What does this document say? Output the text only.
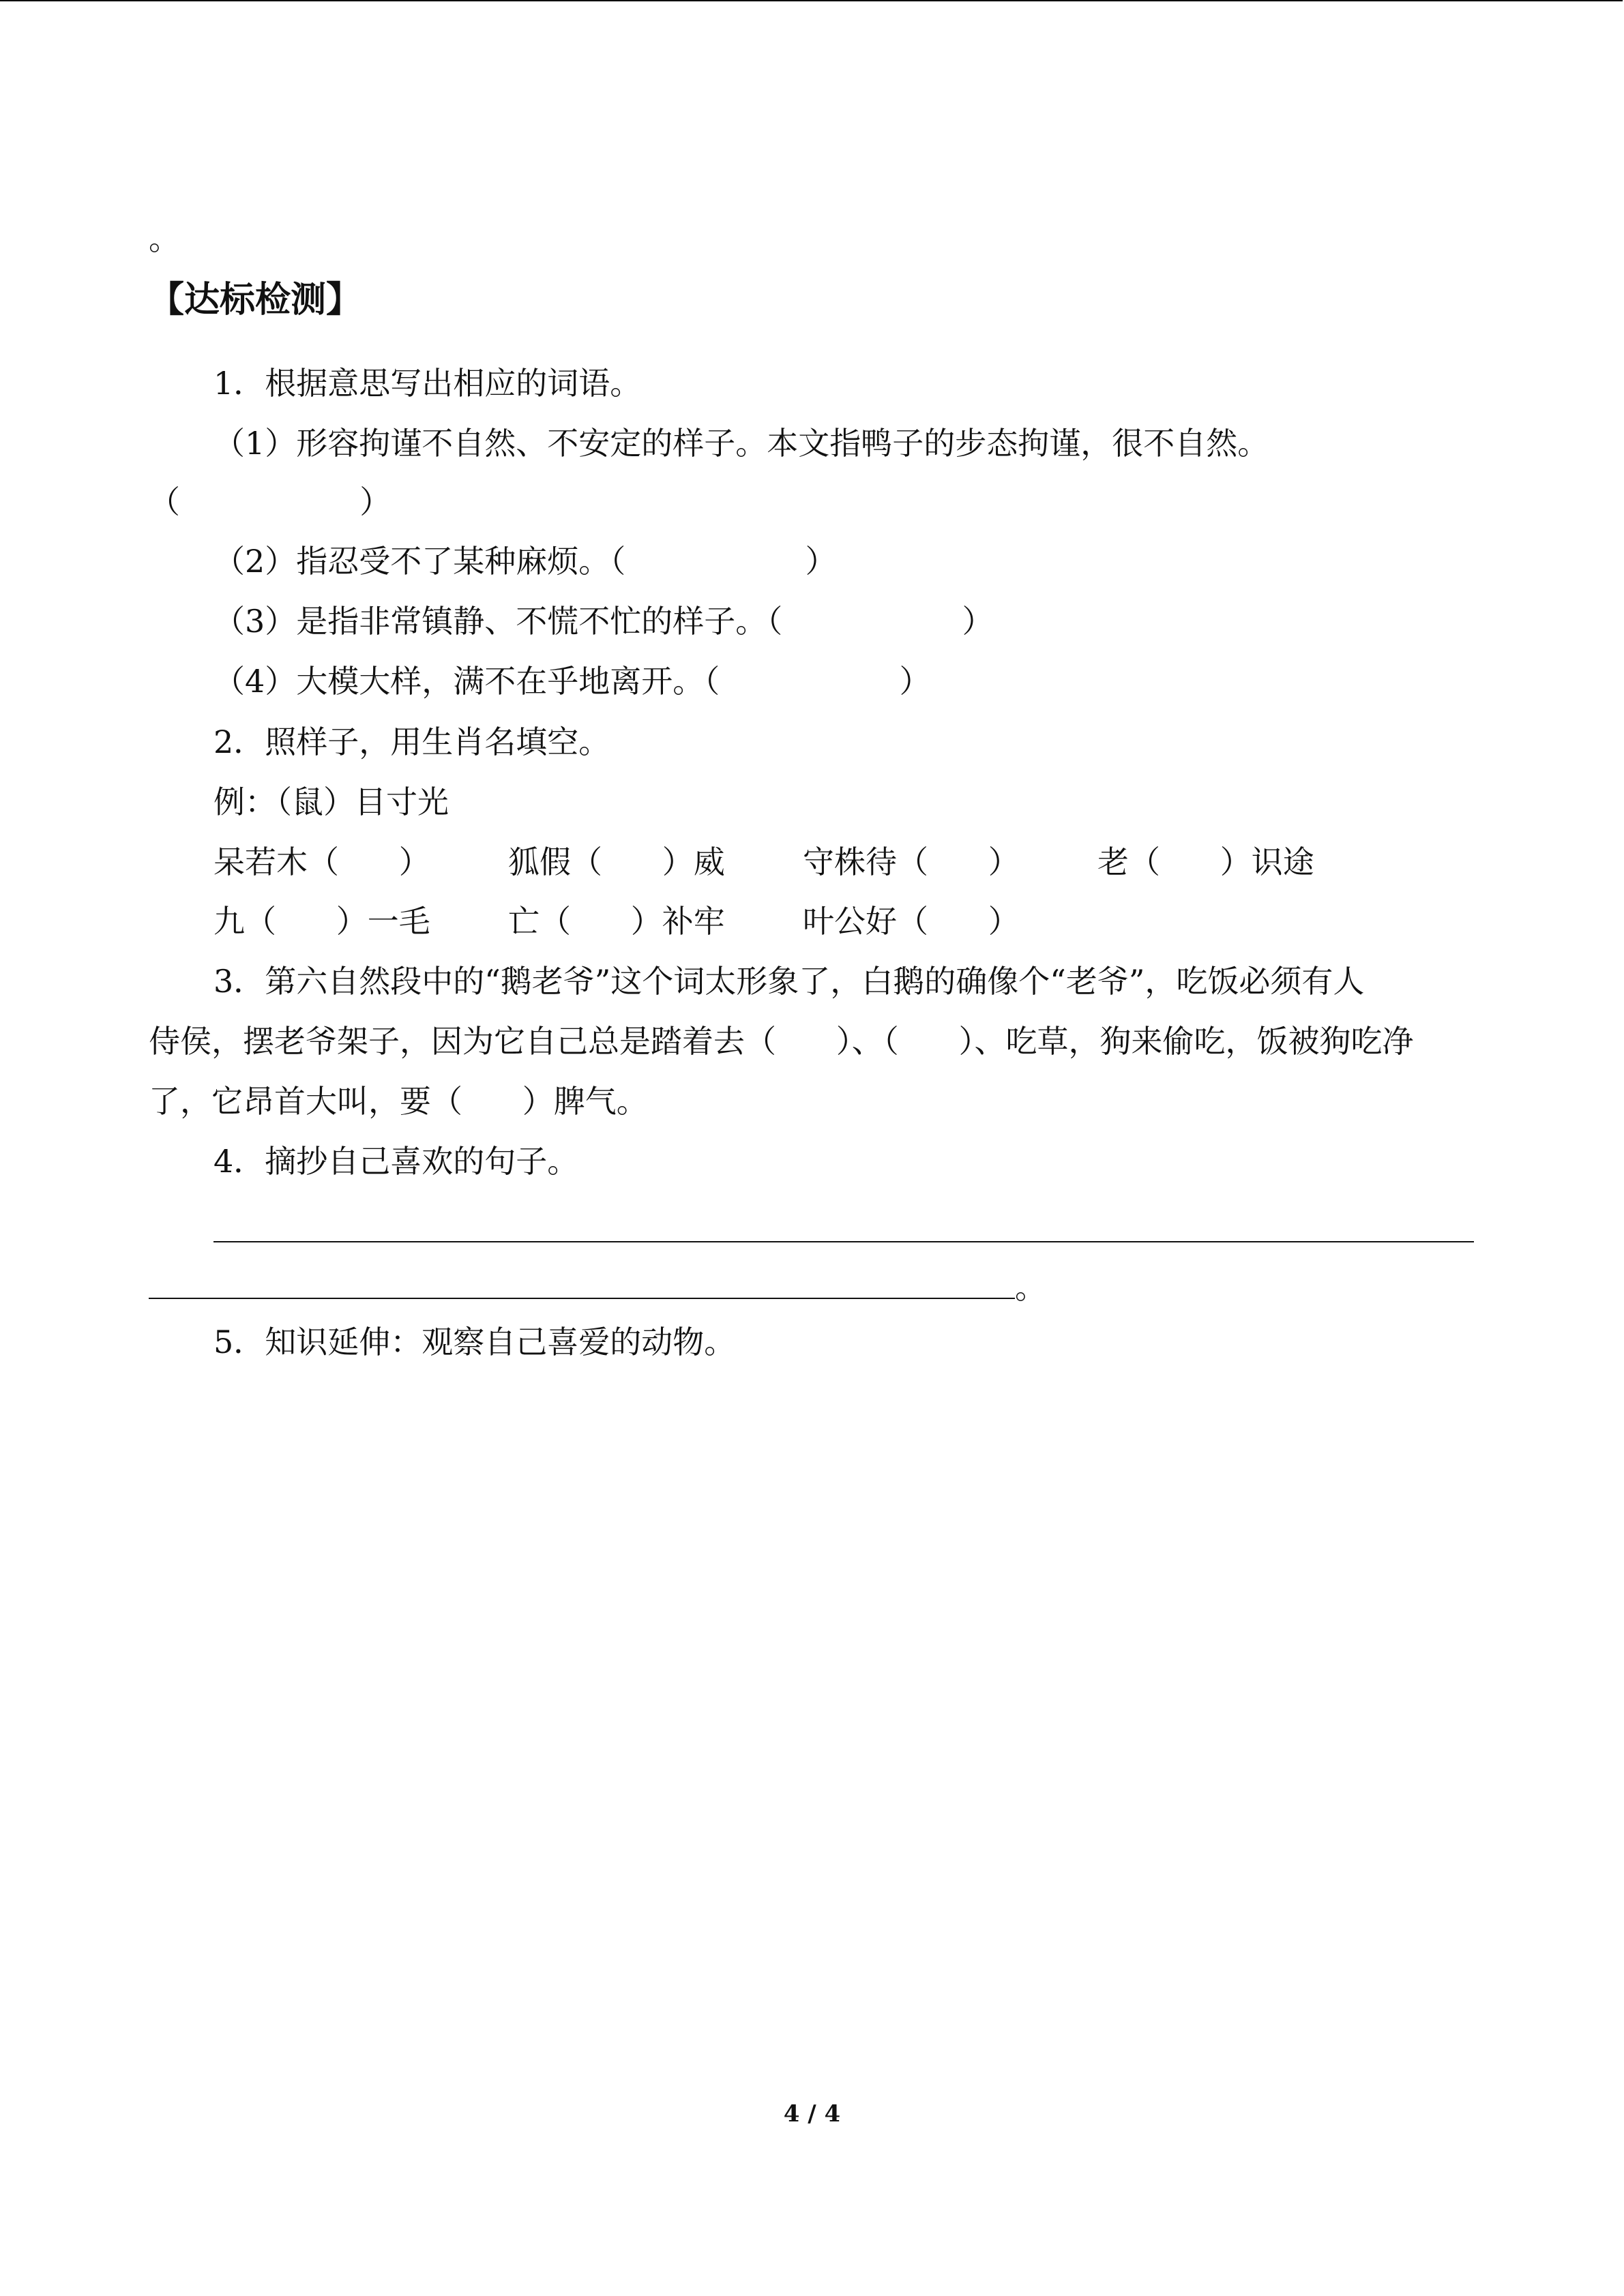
。
【达标检测】
1．根据意思写出相应的词语。
（1）形容拘谨不自然、不安定的样子。本文指鸭子的步态拘谨，很不自然。
（                  ）
（2）指忍受不了某种麻烦。（                  ）
（3）是指非常镇静、不慌不忙的样子。（                  ）
（4）大模大样，满不在乎地离开。（                  ）
2．照样子，用生肖名填空。
例：（鼠）目寸光
呆若木（      ） 狐假（      ）威 守株待（      ） 老（      ）识途
九（      ）一毛 亡（      ）补牢 叶公好（      ）
3．第六自然段中的“鹅老爷”这个词太形象了，白鹅的确像个“老爷”，吃饭必须有人
侍侯，摆老爷架子，因为它自己总是踏着去（      ）、（      ）、吃草，狗来偷吃，饭被狗吃净
了，它昂首大叫，要（      ）脾气。
4．摘抄自己喜欢的句子。
。
5．知识延伸：观察自己喜爱的动物。
4 / 4
